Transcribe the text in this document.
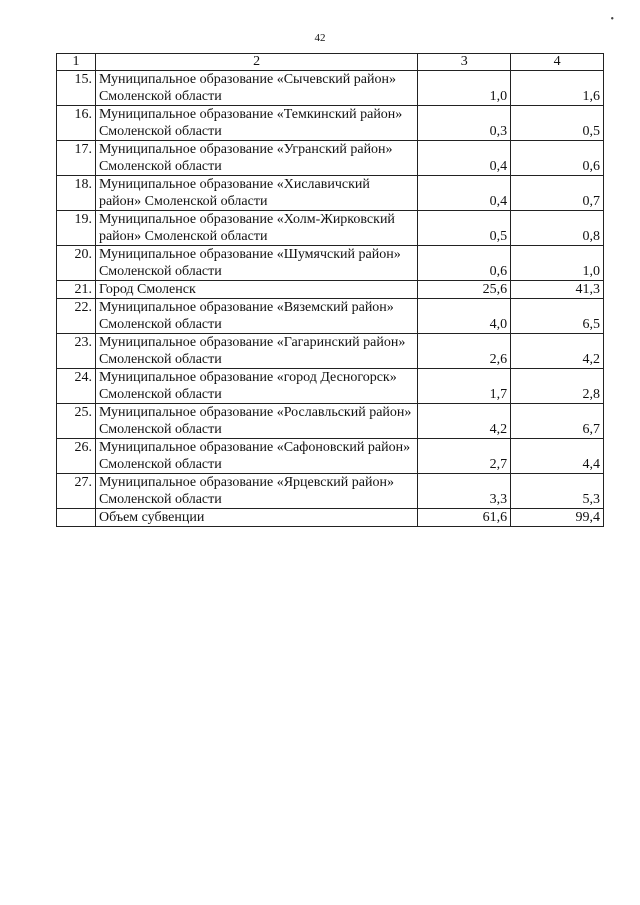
42
•
1	2	3	4
15.	Муниципальное образование «Сычевский район» Смоленской области	1,0	1,6
16.	Муниципальное образование «Темкинский район» Смоленской области	0,3	0,5
17.	Муниципальное образование «Угранский район» Смоленской области	0,4	0,6
18.	Муниципальное образование «Хиславичский район» Смоленской области	0,4	0,7
19.	Муниципальное образование «Холм-Жирковский район» Смоленской области	0,5	0,8
20.	Муниципальное образование «Шумячский район» Смоленской области	0,6	1,0
21.	Город Смоленск	25,6	41,3
22.	Муниципальное образование «Вяземский район» Смоленской области	4,0	6,5
23.	Муниципальное образование «Гагаринский район» Смоленской области	2,6	4,2
24.	Муниципальное образование «город Десногорск» Смоленской области	1,7	2,8
25.	Муниципальное образование «Рославльский район» Смоленской области	4,2	6,7
26.	Муниципальное образование «Сафоновский район» Смоленской области	2,7	4,4
27.	Муниципальное образование «Ярцевский район» Смоленской области	3,3	5,3
	Объем субвенции	61,6	99,4
